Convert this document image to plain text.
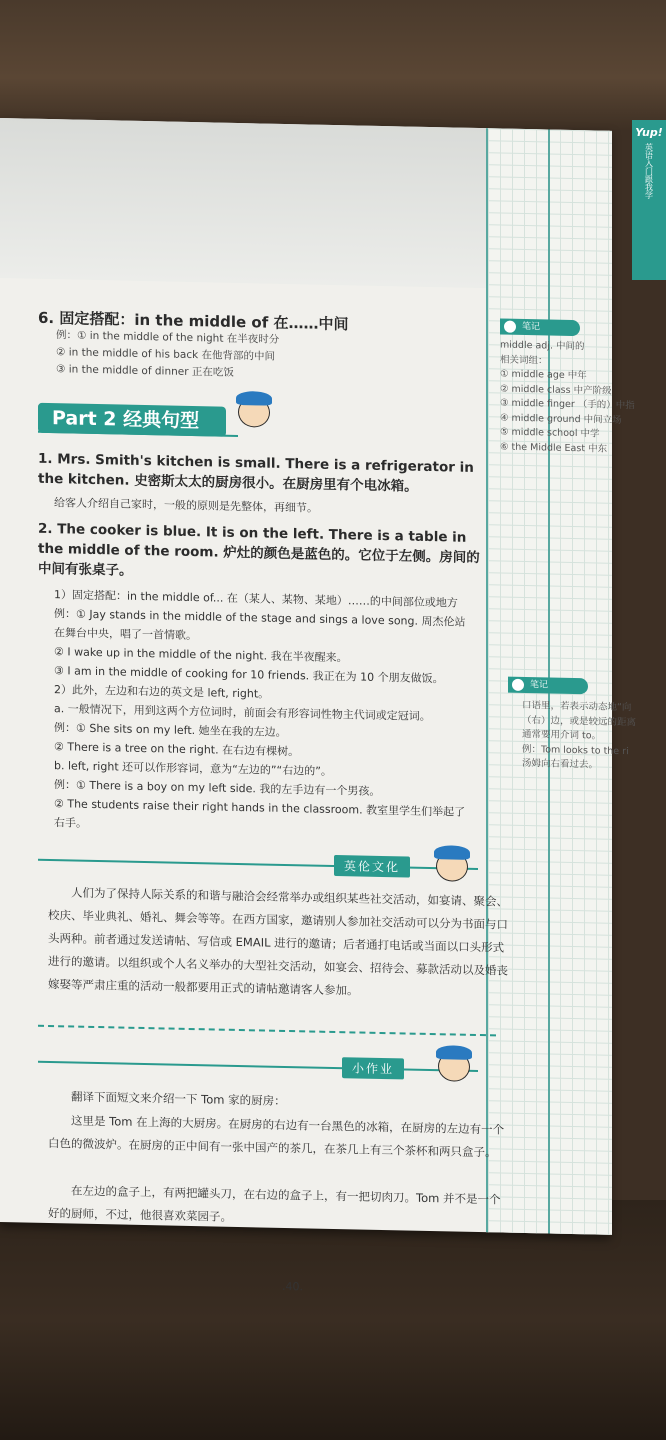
6. 固定搭配：in the middle of 在……中间
例：① in the middle of the night 在半夜时分
② in the middle of his back 在他背部的中间
③ in the middle of dinner 正在吃饭
Part 2 经典句型
1. Mrs. Smith's kitchen is small. There is a refrigerator in the kitchen. 史密斯太太的厨房很小。在厨房里有个电冰箱。
给客人介绍自己家时，一般的原则是先整体，再细节。
2. The cooker is blue. It is on the left. There is a table in the middle of the room. 炉灶的颜色是蓝色的。它位于左侧。房间的中间有张桌子。
1）固定搭配：in the middle of... 在（某人、某物、某地）……的中间部位或地方
例：① Jay stands in the middle of the stage and sings a love song. 周杰伦站
在舞台中央，唱了一首情歌。
② I wake up in the middle of the night. 我在半夜醒来。
③ I am in the middle of cooking for 10 friends. 我正在为 10 个朋友做饭。
2）此外，左边和右边的英文是 left, right。
a. 一般情况下，用到这两个方位词时，前面会有形容词性物主代词或定冠词。
例：① She sits on my left. 她坐在我的左边。
② There is a tree on the right. 在右边有棵树。
b. left, right 还可以作形容词，意为“左边的”“右边的”。
例：① There is a boy on my left side. 我的左手边有一个男孩。
② The students raise their right hands in the classroom. 教室里学生们举起了
右手。
英伦文化
人们为了保持人际关系的和谐与融洽会经常举办或组织某些社交活动，如宴请、聚会、校庆、毕业典礼、婚礼、舞会等等。在西方国家，邀请别人参加社交活动可以分为书面与口头两种。前者通过发送请帖、写信或 EMAIL 进行的邀请；后者通打电话或当面以口头形式进行的邀请。以组织或个人名义举办的大型社交活动，如宴会、招待会、募款活动以及婚丧嫁娶等严肃庄重的活动一般都要用正式的请帖邀请客人参加。
小作业
翻译下面短文来介绍一下 Tom 家的厨房：
这里是 Tom 在上海的大厨房。在厨房的右边有一台黑色的冰箱，在厨房的左边有一个白色的微波炉。在厨房的正中间有一张中国产的茶几，在茶几上有三个茶杯和两只盒子。
在左边的盒子上，有两把罐头刀，在右边的盒子上，有一把切肉刀。Tom 并不是一个好的厨师，不过，他很喜欢菜园子。
.40.
笔记
middle adj. 中间的
相关词组：
① middle age 中年
② middle class 中产阶级
③ middle finger （手的）中指
④ middle ground 中间立场
⑤ middle school 中学
⑥ the Middle East 中东
笔记
口语里，若表示动态地“向
（右）边，或是较远的距离
通常要用介词 to。
例：Tom looks to the ri
汤姆向右看过去。
Yup!
英语入门跟我学
